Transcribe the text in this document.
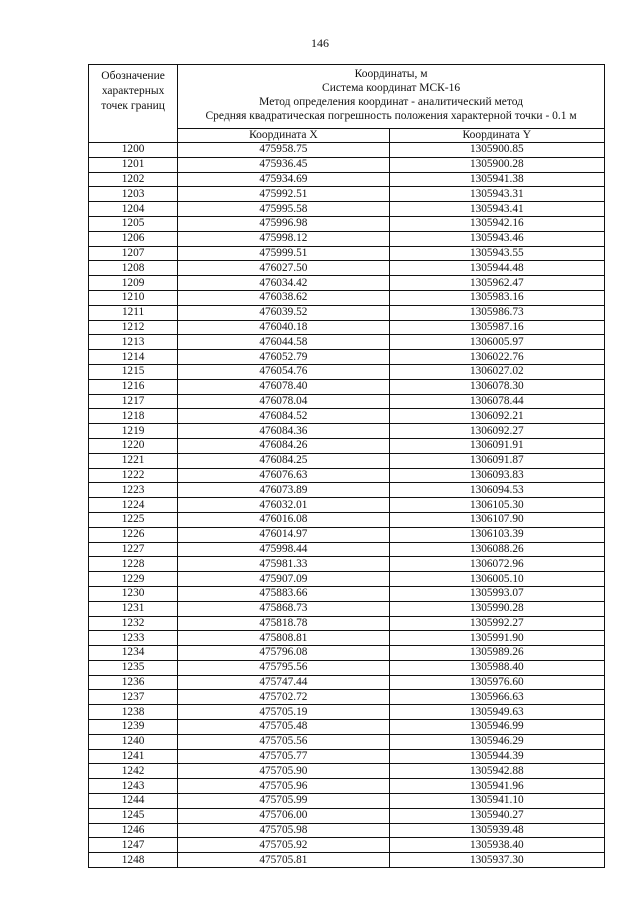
146
Обозначение характерных точек границ	Координаты, м
Система координат МСК-16
Метод определения координат - аналитический метод
Средняя квадратическая погрешность положения характерной точки - 0.1 м	

	Координата X	Координата Y
1200	475958.75	1305900.85
1201	475936.45	1305900.28
1202	475934.69	1305941.38
1203	475992.51	1305943.31
1204	475995.58	1305943.41
1205	475996.98	1305942.16
1206	475998.12	1305943.46
1207	475999.51	1305943.55
1208	476027.50	1305944.48
1209	476034.42	1305962.47
1210	476038.62	1305983.16
1211	476039.52	1305986.73
1212	476040.18	1305987.16
1213	476044.58	1306005.97
1214	476052.79	1306022.76
1215	476054.76	1306027.02
1216	476078.40	1306078.30
1217	476078.04	1306078.44
1218	476084.52	1306092.21
1219	476084.36	1306092.27
1220	476084.26	1306091.91
1221	476084.25	1306091.87
1222	476076.63	1306093.83
1223	476073.89	1306094.53
1224	476032.01	1306105.30
1225	476016.08	1306107.90
1226	476014.97	1306103.39
1227	475998.44	1306088.26
1228	475981.33	1306072.96
1229	475907.09	1306005.10
1230	475883.66	1305993.07
1231	475868.73	1305990.28
1232	475818.78	1305992.27
1233	475808.81	1305991.90
1234	475796.08	1305989.26
1235	475795.56	1305988.40
1236	475747.44	1305976.60
1237	475702.72	1305966.63
1238	475705.19	1305949.63
1239	475705.48	1305946.99
1240	475705.56	1305946.29
1241	475705.77	1305944.39
1242	475705.90	1305942.88
1243	475705.96	1305941.96
1244	475705.99	1305941.10
1245	475706.00	1305940.27
1246	475705.98	1305939.48
1247	475705.92	1305938.40
1248	475705.81	1305937.30
